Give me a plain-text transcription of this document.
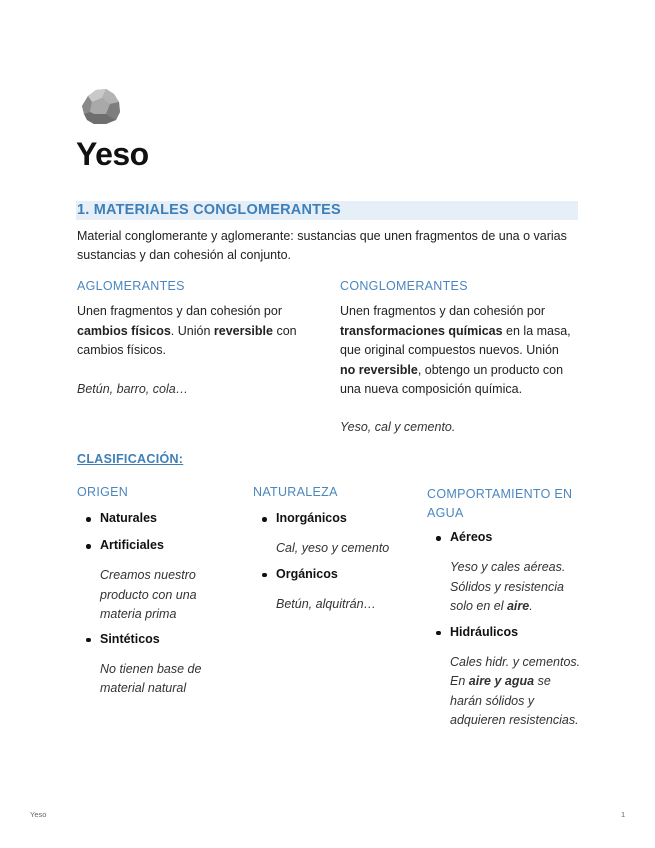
Yeso
1. MATERIALES CONGLOMERANTES
Material conglomerante y aglomerante: sustancias que unen fragmentos de una o varias sustancias y dan cohesión al conjunto.
AGLOMERANTES
Unen fragmentos y dan cohesión por
cambios físicos. Unión reversible con
cambios físicos.
Betún, barro, cola…
CONGLOMERANTES
Unen fragmentos y dan cohesión por
transformaciones químicas en la masa,
que original compuestos nuevos. Unión
no reversible, obtengo un producto con
una nueva composición química.
Yeso, cal y cemento.
CLASIFICACIÓN:
ORIGEN
Naturales
Artificiales
Creamos nuestro producto con una materia prima
Sintéticos
No tienen base de material natural
NATURALEZA
Inorgánicos
Cal, yeso y cemento
Orgánicos
Betún, alquitrán…
COMPORTAMIENTO EN AGUA
Aéreos
Yeso y cales aéreas. Sólidos y resistencia solo en el aire.
Hidráulicos
Cales hidr. y cementos. En aire y agua se harán sólidos y adquieren resistencias.
Yeso	1
